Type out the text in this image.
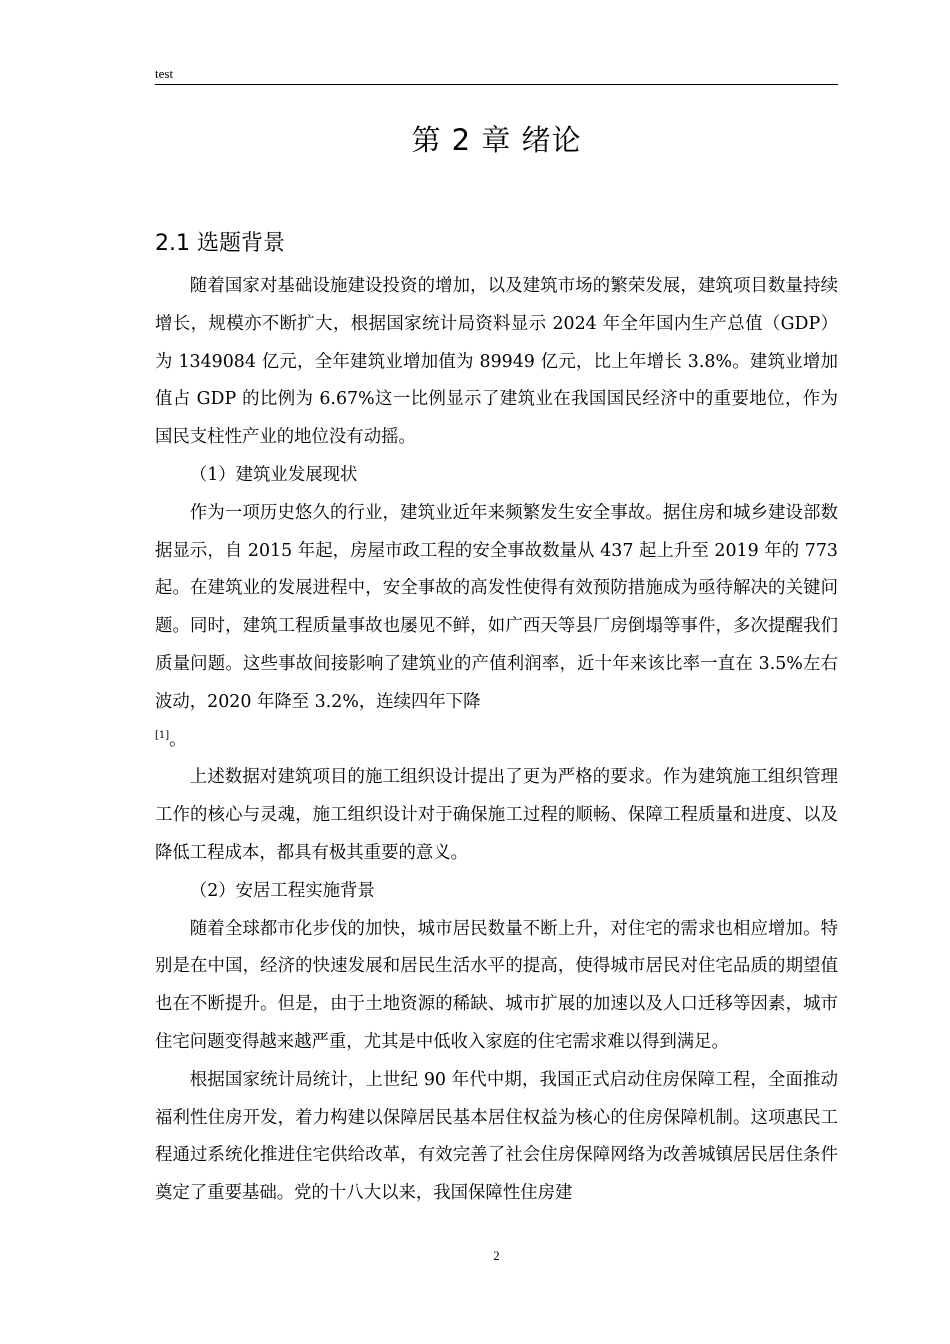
test
第 2 章 绪论
2.1 选题背景

随着国家对基础设施建设投资的增加，以及建筑市场的繁荣发展，建筑项目数量持续增长，规模亦不断扩大，根据国家统计局资料显示 2024 年全年国内生产总值（GDP）为 1349084 亿元，全年建筑业增加值为 89949 亿元，比上年增长 3.8%。建筑业增加值占 GDP 的比例为 6.67%这一比例显示了建筑业在我国国民经济中的重要地位，作为国民支柱性产业的地位没有动摇。

（1）建筑业发展现状

作为一项历史悠久的行业，建筑业近年来频繁发生安全事故。据住房和城乡建设部数据显示，自 2015 年起，房屋市政工程的安全事故数量从 437 起上升至 2019 年的 773 起。在建筑业的发展进程中，安全事故的高发性使得有效预防措施成为亟待解决的关键问题。同时，建筑工程质量事故也屡见不鲜，如广西天等县厂房倒塌等事件，多次提醒我们质量问题。这些事故间接影响了建筑业的产值利润率，近十年来该比率一直在 3.5%左右波动，2020 年降至 3.2%，连续四年下降
[1]。

上述数据对建筑项目的施工组织设计提出了更为严格的要求。作为建筑施工组织管理工作的核心与灵魂，施工组织设计对于确保施工过程的顺畅、保障工程质量和进度、以及降低工程成本，都具有极其重要的意义。

（2）安居工程实施背景

随着全球都市化步伐的加快，城市居民数量不断上升，对住宅的需求也相应增加。特别是在中国，经济的快速发展和居民生活水平的提高，使得城市居民对住宅品质的期望值也在不断提升。但是，由于土地资源的稀缺、城市扩展的加速以及人口迁移等因素，城市住宅问题变得越来越严重，尤其是中低收入家庭的住宅需求难以得到满足。

根据国家统计局统计，上世纪 90 年代中期，我国正式启动住房保障工程，全面推动福利性住房开发，着力构建以保障居民基本居住权益为核心的住房保障机制。这项惠民工程通过系统化推进住宅供给改革，有效完善了社会住房保障网络为改善城镇居民居住条件奠定了重要基础。党的十八大以来，我国保障性住房建

2
